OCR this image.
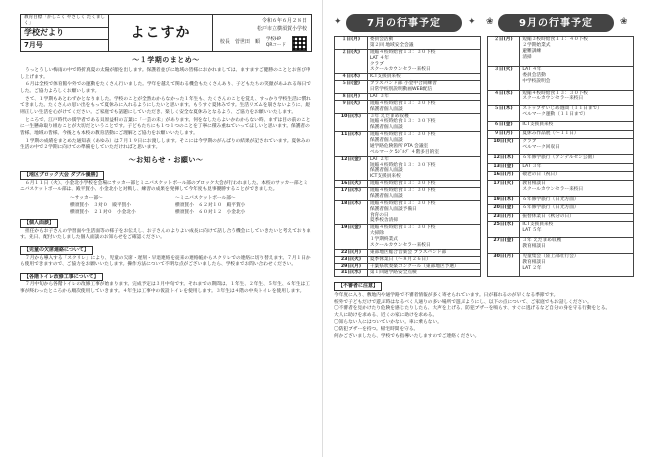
教育目標「かしこく やさしく たくましく」
学校だより
7月号
よこすか
令和６年６月２８日
松戸市立横須賀小学校
校長　菅世田　順 学校HP
QRコード
～１学期のまとめ～

うっとうしい梅雨の中で時折真夏の太陽が顔を出します。保護者並びに地域の皆様におかれましては、ますますご健勝のこととお喜び申し上げます。

６月は全校で体育館や外での運動をたくさん行いました。学年を越えて関わる機会もたくさんあり、子どもたちの笑顔があふれる毎日でした。ご協力よろしくお願いします。

さて、１学期もあとわずかとなりました。学校のことが全然わからなかった１年生も、たくさんのことを覚え、すっかり学校生活に慣れてきました。たくさんの思い出をもって夏休みに入れるようにしたいと思います。もうすぐ夏休みです。生活リズムを崩さないように、規則正しい生活を心がけてください。ご家庭でも話題にしていただき、楽しく安全な夏休みとなるよう、ご協力をお願いいたします。

ところで、江戸時代の儒学者である貝原益軒の言葉に「一芸の未」があります。何をなしたらよいかわからない時、まずは目の前のことに一生懸命取り組むことが大切だということです。子どもたちにも１つ１つのことを丁寧に積み重ねていってほしいと思います。保護者の皆様、地域の皆様、今後とも本校の教育活動にご理解とご協力をお願いいたします。

１学期の成績をまとめた通知表（あゆみ）は７月１９日にお渡しします。そこには今学期のがんばりの結果が記されています。夏休みの生活の中で２学期に向けての準備をしていただければと思います。

～お知らせ・お願い～
【地区ブロック大会 ダブル優勝】

６月１１日（火）、小金北小学校を会場にサッカー部とミニバスケットボール部のブロック大会が行われました。本校のサッカー部とミニバスケットボール部は、殿平賀小、小金北小と対戦し、練習の成果を発揮して今年度も見事優勝することができました。

～サッカー部～	～ミニバスケットボール部～
横須賀小　３対０　殿平賀小	横須賀小　６２対１０　殿平賀小
横須賀小　２１対０　小金北小	横須賀小　６０対１２　小金北小
【個人面談】

担任からお子さんの学習面や生活面等の様子をお伝えし、お子さんのよりよい成長に向けて話し合う機会にしていきたいと考えております。先日、配付いたしました個人面談のお知らせをご確認ください。

【児童の欠席連絡について】

７月から導入する「スクリレ」により、児童の欠席・遅刻・早退連絡を従来の連絡帳からスクリレでの連絡に切り替えます。７月１日から使用できますので、ご協力をお願いいたします。操作方法について不明な点がございましたら、学校までお問い合わせください。

【各階トイレ改修工事について】

７月中旬から各階トイレの改修工事が始まります。完成予定は３月中旬です。それまでの期間は、１年生、２年生、５年生、６年生は工事が終わったところから順次使用していきます。４年生は工事中の仮設トイレを使用します。３年生は４階の中央トイレを使用します。

✦	7月の行事予定	✦ ❀	9月の行事予定	❀
１日(月)	委員会活動
第２回 地域安全会議
２日(火)	短縮４校時給食１３：３０下校
LAT ４年
クラブ
スクールカウンセラー来校日
４日(木)	ICT支援員来校
５日(金)	ブラスバンド部 小金中合同練習
日常学校別説明動画WEB配信
８日(月)	LAT ３年
９日(火)	短縮４校時給食１３：３０下校
保護者個人面談
10日(水)	３年 えだまめ収穫
短縮４校時給食１３：３０下校
保護者個人面談
11日(木)	短縮４校時給食１３：３０下校
保護者個人面談
通学路危険箇所 PTA 会議室
ベルマーク 5ｼﾞﾙﾌﾞ ４階多目的室
12日(金)	LAT ２年
短縮４校時給食１３：３０下校
保護者個人面談
ICT支援員来校
16日(火)	短縮４校時給食１３：３０下校
17日(水)	短縮４校時給食１３：３０下校
保護者個人面談
18日(木)	短縮４校時給食１３：３０下校
保護者個人面談予備日
食育の日
夏季校舎清掃
19日(金)	短縮４校時給食１３：３０下校
大掃除
１学期終業式
スクールカウンセラー来校日
22日(月)	東部地区総合音楽会 ブラスバンド部
23日(火)	夏季休業日（〜８月２６日）
29日(月)	千葉県吹奏楽コンクール（東部地区予選）
31日(水)	第１回通学路安全点検
２日(月)	短縮３校時給食１１：４０下校
２学期始業式
避難訓練
清掃
３日(火)	LAT ４年
委員会活動
中学校説明会
４日(水)	短縮４校時給食１３：３０下校
スクールカウンセラー来校日
５日(木)	ストップザいじめ週間（１１日まで）
ベルマーク運動（１１日まで）
６日(金)	ICT支援員来校
９日(月)	夏休み作品展（〜１１日）
10日(火)	クラブ
ベルマーク回収日
12日(木)	６年修学旅行（アンデルセン公園）
13日(金)	LAT ３年
16日(月)	敬老の日（祝日）
17日(火)	教育相談日
スクールカウンセラー来校日
19日(木)	６年修学旅行（日光方面）
20日(金)	６年修学旅行（日光方面）
23日(月)	振替休業日（秋分の日）
25日(水)	ICT支援員来校
LAT ５年
27日(金)	３年 えだまめ収穫
教育相談日
30日(月)	児童集会（陸上部壮行会）
教育相談日
LAT ２年
【不審者に注意】
今年度に入り、敷地内や通学路で不審者情報が多く寄せられています。日が暮れるのが早くなる季節です。
校外で子どもだけで遊ぶ時はなるべく人通りの多い場所で遊ぶようにし、以下の点について、ご家庭でもお話しください。
〇不審者を見かけたり危険を感じたりしたら、大声を上げる、防犯ブザーを鳴らす、すぐに逃げるなど自分の身を守る行動をとる。
大人に助けを求める、近くの家に助けを求める。
〇知らない人にはついていかない。車に乗らない。
〇防犯ブザーを持つ。帰宅時間を守る。
何かございましたら、学校でも指導いたしますのでご連絡ください。
